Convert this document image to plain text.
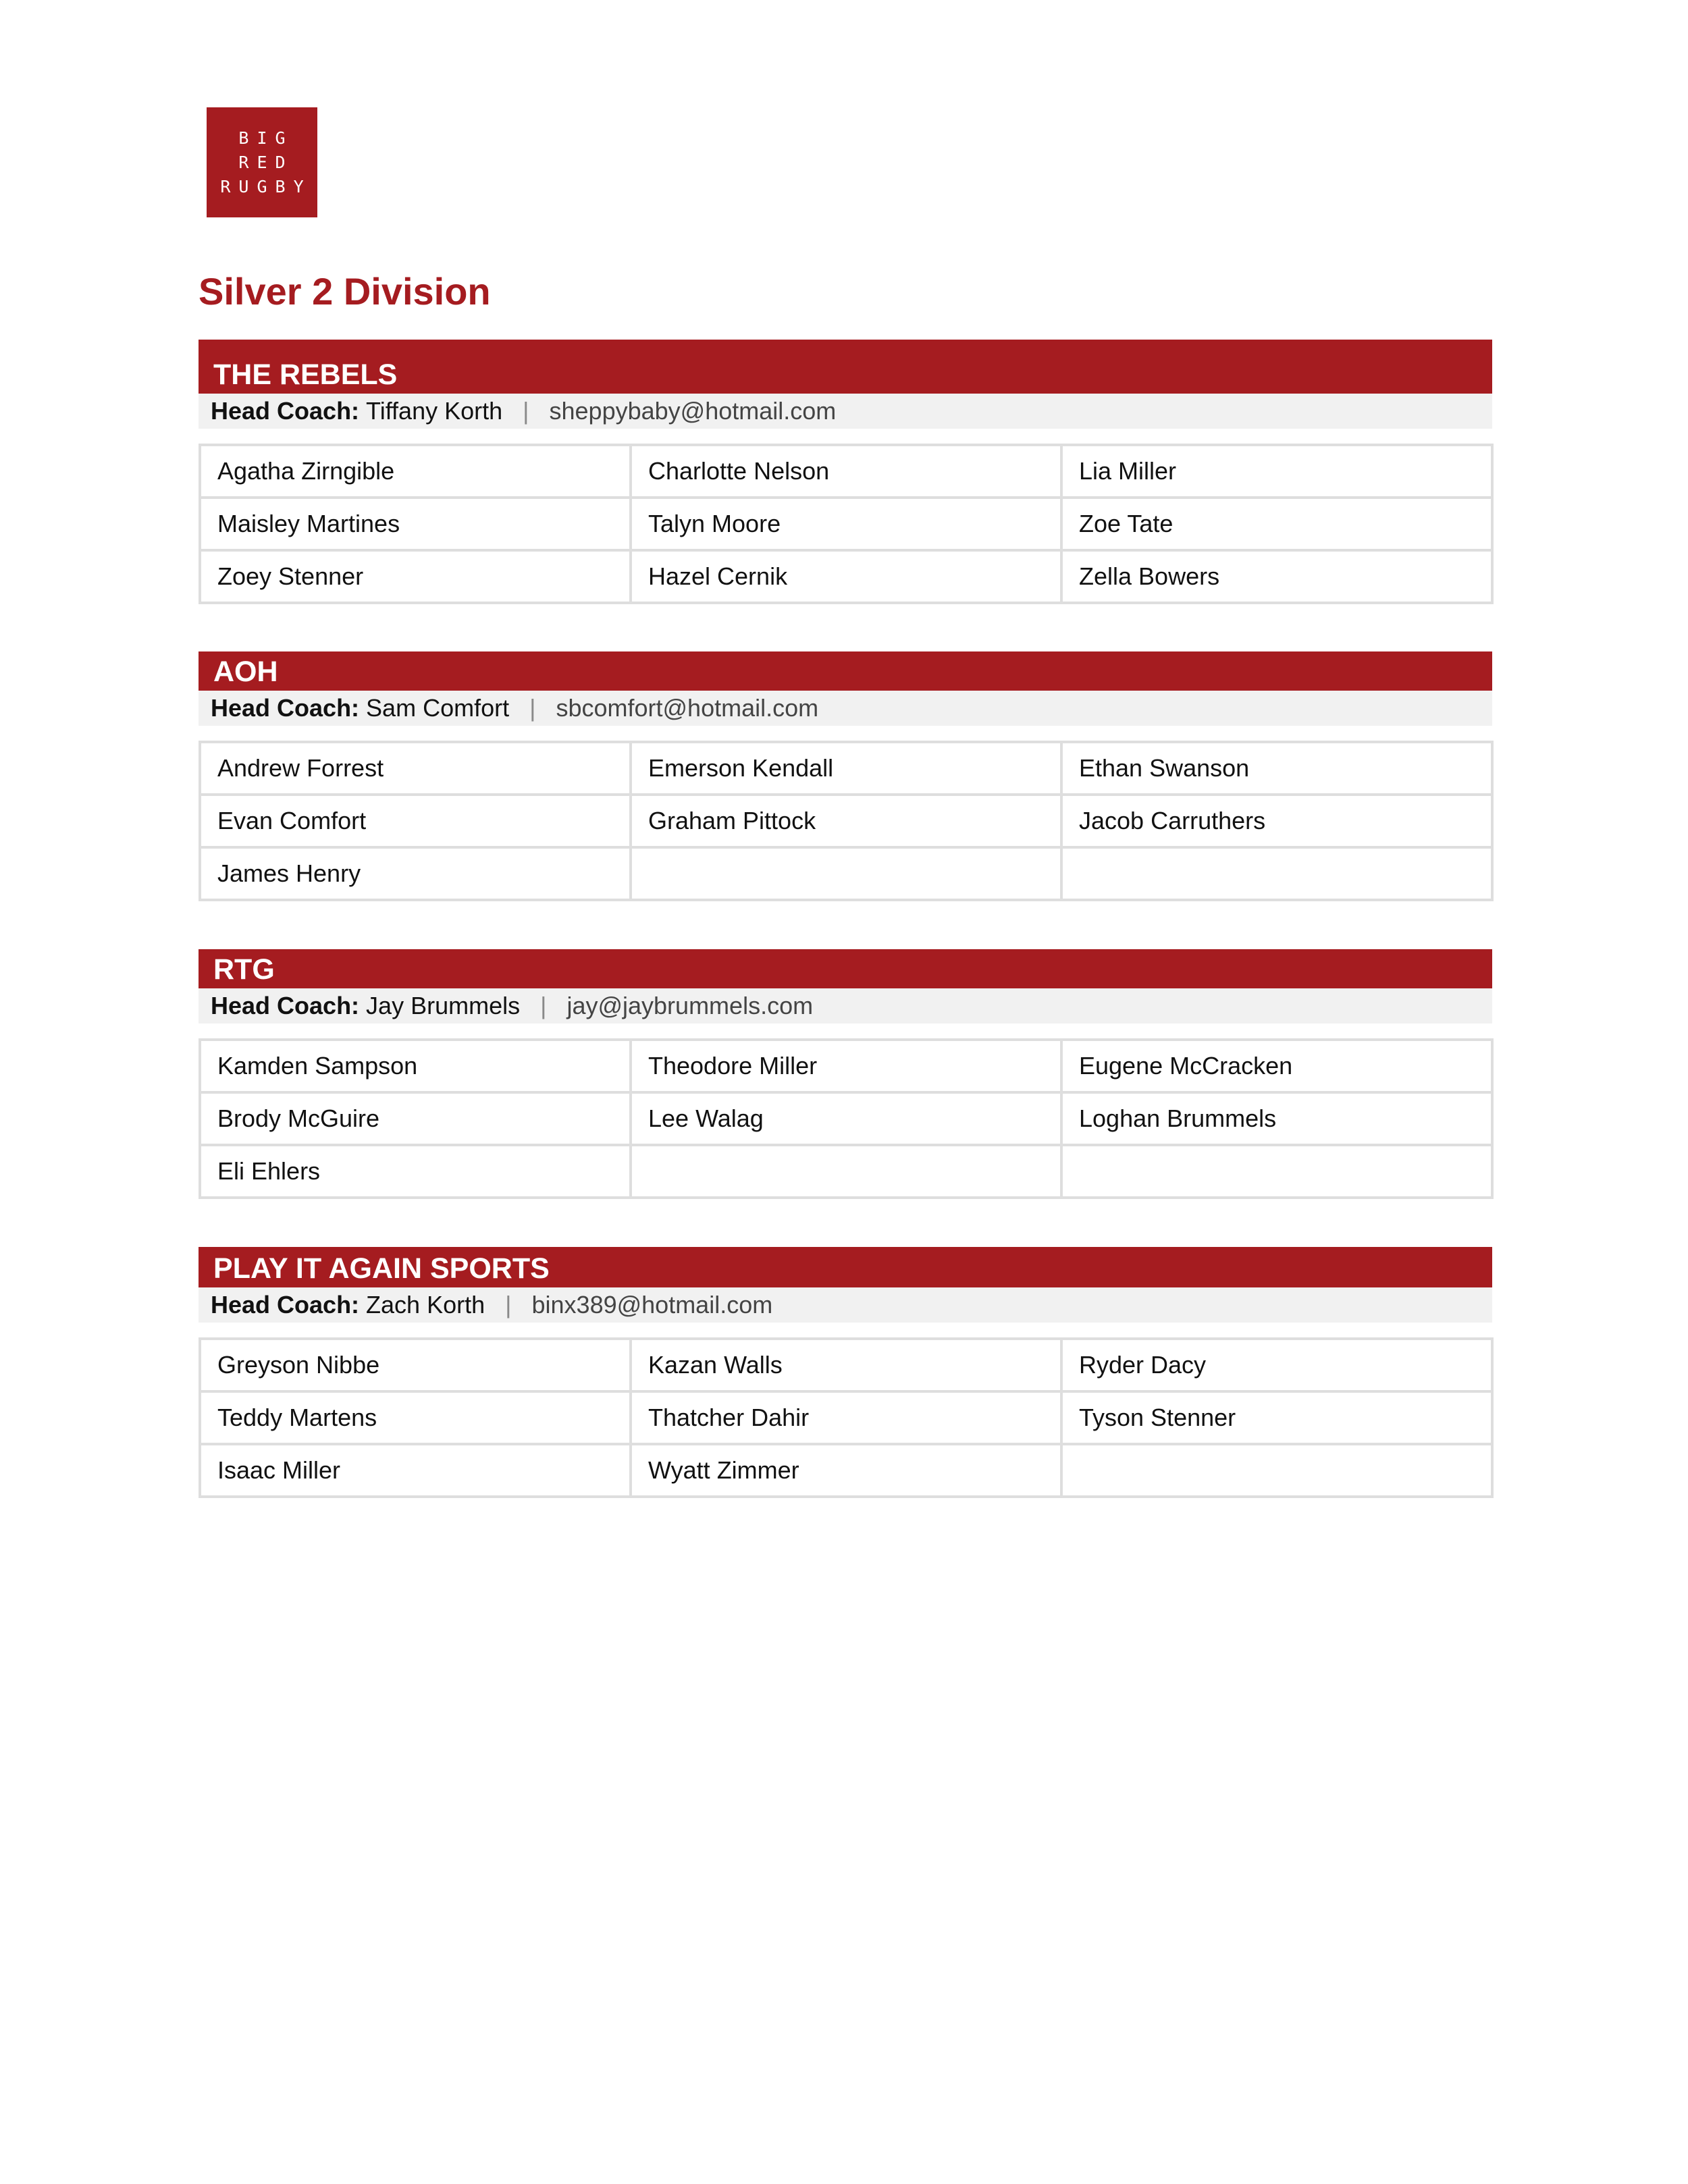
BIG
RED
RUGBY
Silver 2 Division
THE REBELS
Head Coach: Tiffany Korth | sheppybaby@hotmail.com
Agatha Zirngible	Charlotte Nelson	Lia Miller
Maisley Martines	Talyn Moore	Zoe Tate
Zoey Stenner	Hazel Cernik	Zella Bowers
AOH
Head Coach: Sam Comfort | sbcomfort@hotmail.com
Andrew Forrest	Emerson Kendall	Ethan Swanson
Evan Comfort	Graham Pittock	Jacob Carruthers
James Henry		
RTG
Head Coach: Jay Brummels | jay@jaybrummels.com
Kamden Sampson	Theodore Miller	Eugene McCracken
Brody McGuire	Lee Walag	Loghan Brummels
Eli Ehlers		
PLAY IT AGAIN SPORTS
Head Coach: Zach Korth | binx389@hotmail.com
Greyson Nibbe	Kazan Walls	Ryder Dacy
Teddy Martens	Thatcher Dahir	Tyson Stenner
Isaac Miller	Wyatt Zimmer	
